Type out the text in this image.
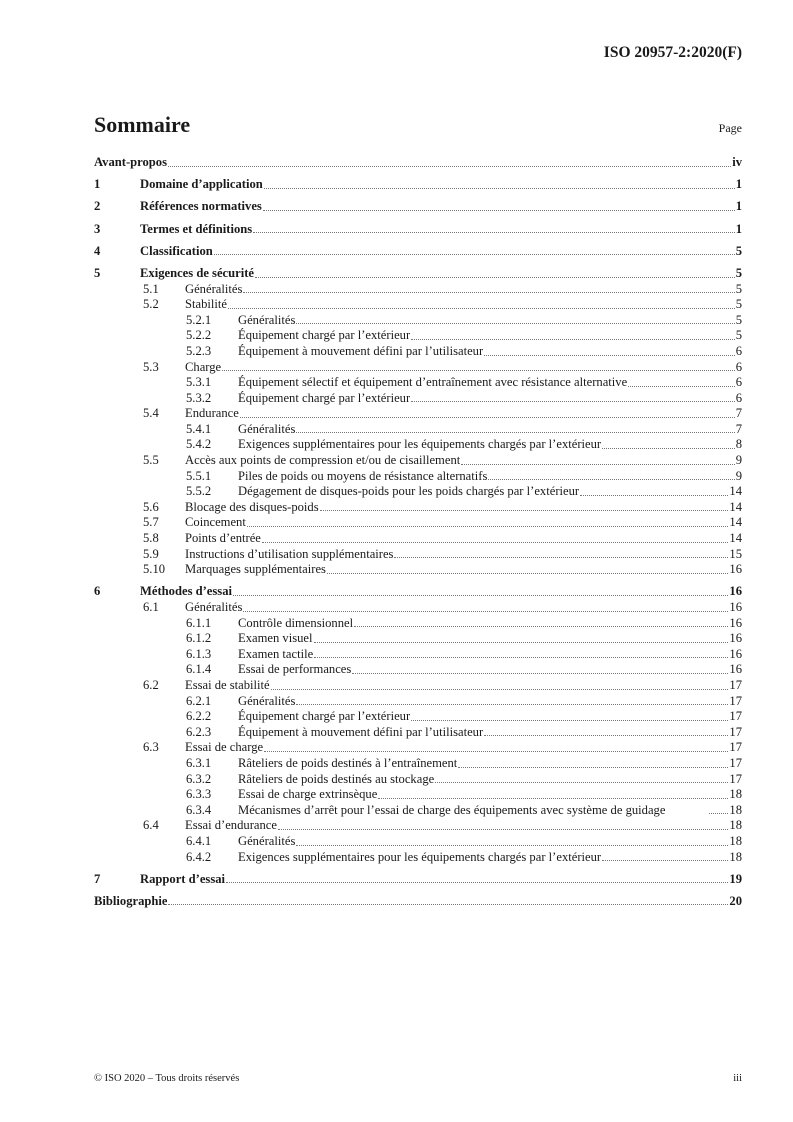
ISO 20957-2:2020(F)
Sommaire	Page
Avant-propos	iv
1	Domaine d’application	1
2	Références normatives	1
3	Termes et définitions	1
4	Classification	5
5	Exigences de sécurité	5
5.1	Généralités	5
5.2	Stabilité	5
5.2.1	Généralités	5
5.2.2	Équipement chargé par l’extérieur	5
5.2.3	Équipement à mouvement défini par l’utilisateur	6
5.3	Charge	6
5.3.1	Équipement sélectif et équipement d’entraînement avec résistance alternative	6
5.3.2	Équipement chargé par l’extérieur	6
5.4	Endurance	7
5.4.1	Généralités	7
5.4.2	Exigences supplémentaires pour les équipements chargés par l’extérieur	8
5.5	Accès aux points de compression et/ou de cisaillement	9
5.5.1	Piles de poids ou moyens de résistance alternatifs	9
5.5.2	Dégagement de disques-poids pour les poids chargés par l’extérieur	14
5.6	Blocage des disques-poids	14
5.7	Coincement	14
5.8	Points d’entrée	14
5.9	Instructions d’utilisation supplémentaires	15
5.10	Marquages supplémentaires	16
6	Méthodes d’essai	16
6.1	Généralités	16
6.1.1	Contrôle dimensionnel	16
6.1.2	Examen visuel	16
6.1.3	Examen tactile	16
6.1.4	Essai de performances	16
6.2	Essai de stabilité	17
6.2.1	Généralités	17
6.2.2	Équipement chargé par l’extérieur	17
6.2.3	Équipement à mouvement défini par l’utilisateur	17
6.3	Essai de charge	17
6.3.1	Râteliers de poids destinés à l’entraînement	17
6.3.2	Râteliers de poids destinés au stockage	17
6.3.3	Essai de charge extrinsèque	18
6.3.4	Mécanismes d’arrêt pour l’essai de charge des équipements avec système de guidage	18
6.4	Essai d’endurance	18
6.4.1	Généralités	18
6.4.2	Exigences supplémentaires pour les équipements chargés par l’extérieur	18
7	Rapport d’essai	19
Bibliographie	20
© ISO 2020 – Tous droits réservés	iii
